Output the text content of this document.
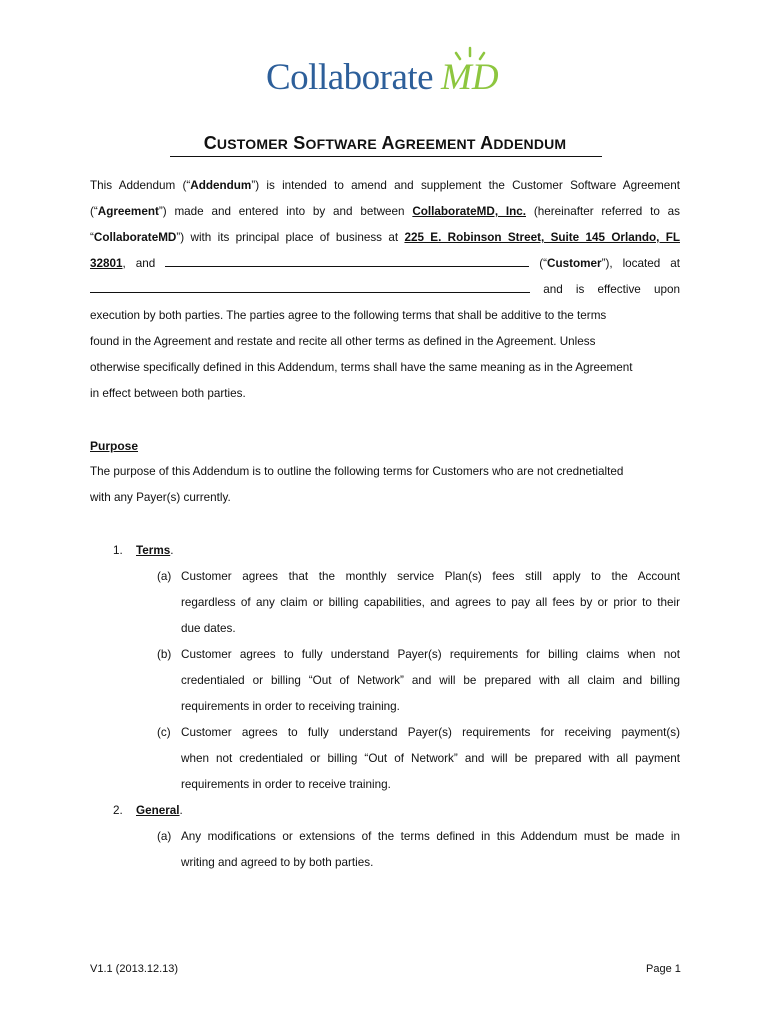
Collaborate MD
CUSTOMER SOFTWARE AGREEMENT ADDENDUM
This Addendum (“Addendum”) is intended to amend and supplement the Customer Software Agreement
(“Agreement”) made and entered into by and between CollaborateMD, Inc. (hereinafter referred to as
“CollaborateMD”) with its principal place of business at 225 E. Robinson Street, Suite 145 Orlando, FL
32801, and	(“Customer”), located at
and is effective upon
execution by both parties. The parties agree to the following terms that shall be additive to the terms
found in the Agreement and restate and recite all other terms as defined in the Agreement. Unless
otherwise specifically defined in this Addendum, terms shall have the same meaning as in the Agreement
in effect between both parties.
Purpose
The purpose of this Addendum is to outline the following terms for Customers who are not crednetialted
with any Payer(s) currently.
1. Terms.
(a) Customer agrees that the monthly service Plan(s) fees still apply to the Account
regardless of any claim or billing capabilities, and agrees to pay all fees by or prior to their
due dates.
(b) Customer agrees to fully understand Payer(s) requirements for billing claims when not
credentialed or billing “Out of Network” and will be prepared with all claim and billing
requirements in order to receiving training.
(c) Customer agrees to fully understand Payer(s) requirements for receiving payment(s)
when not credentialed or billing “Out of Network” and will be prepared with all payment
requirements in order to receive training.
2. General.
(a) Any modifications or extensions of the terms defined in this Addendum must be made in
writing and agreed to by both parties.
V1.1 (2013.12.13)	Page 1
